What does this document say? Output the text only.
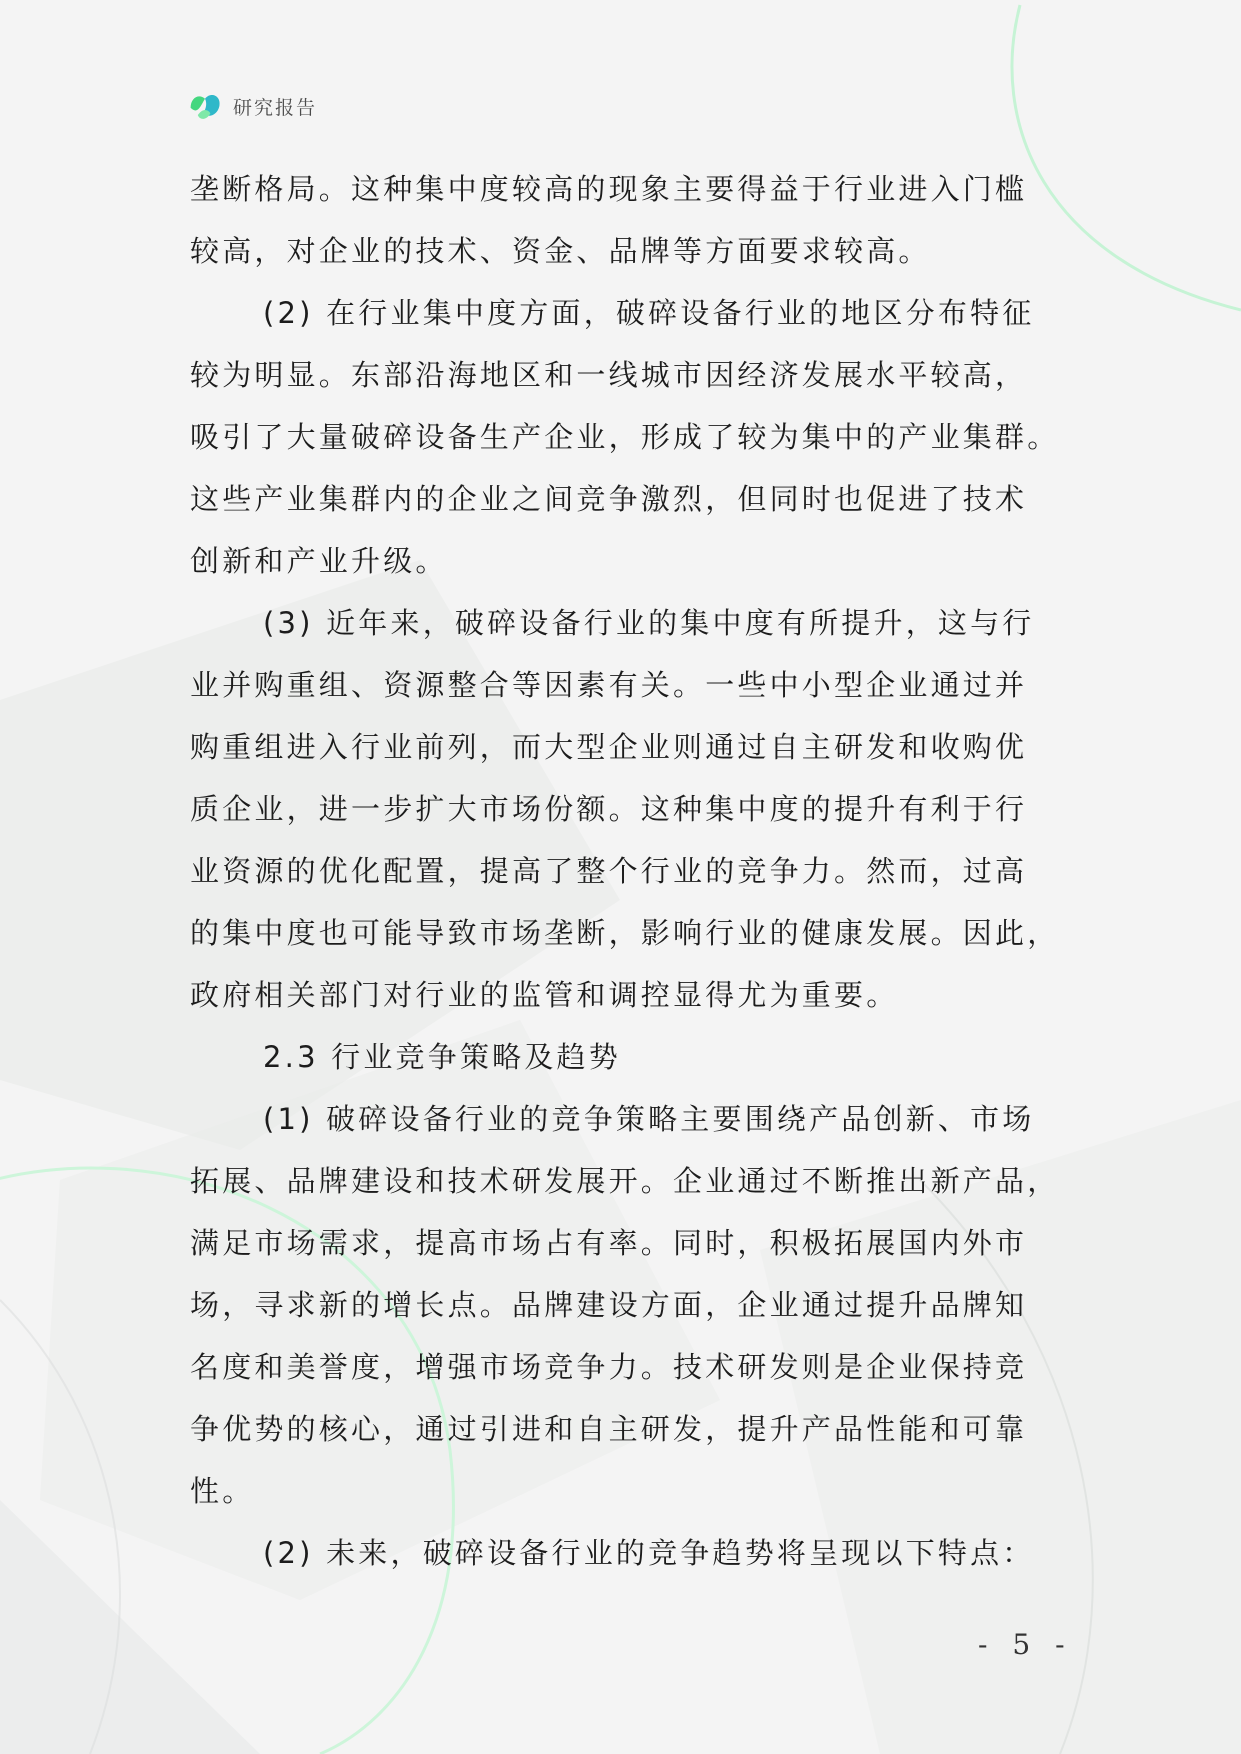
研究报告
垄断格局。这种集中度较高的现象主要得益于行业进入门槛
较高，对企业的技术、资金、品牌等方面要求较高。
(2) 在行业集中度方面，破碎设备行业的地区分布特征
较为明显。东部沿海地区和一线城市因经济发展水平较高，
吸引了大量破碎设备生产企业，形成了较为集中的产业集群。
这些产业集群内的企业之间竞争激烈，但同时也促进了技术
创新和产业升级。
(3) 近年来，破碎设备行业的集中度有所提升，这与行
业并购重组、资源整合等因素有关。一些中小型企业通过并
购重组进入行业前列，而大型企业则通过自主研发和收购优
质企业，进一步扩大市场份额。这种集中度的提升有利于行
业资源的优化配置，提高了整个行业的竞争力。然而，过高
的集中度也可能导致市场垄断，影响行业的健康发展。因此，
政府相关部门对行业的监管和调控显得尤为重要。
2.3 行业竞争策略及趋势
(1) 破碎设备行业的竞争策略主要围绕产品创新、市场
拓展、品牌建设和技术研发展开。企业通过不断推出新产品，
满足市场需求，提高市场占有率。同时，积极拓展国内外市
场，寻求新的增长点。品牌建设方面，企业通过提升品牌知
名度和美誉度，增强市场竞争力。技术研发则是企业保持竞
争优势的核心，通过引进和自主研发，提升产品性能和可靠
性。
(2) 未来，破碎设备行业的竞争趋势将呈现以下特点：
- 5 -
